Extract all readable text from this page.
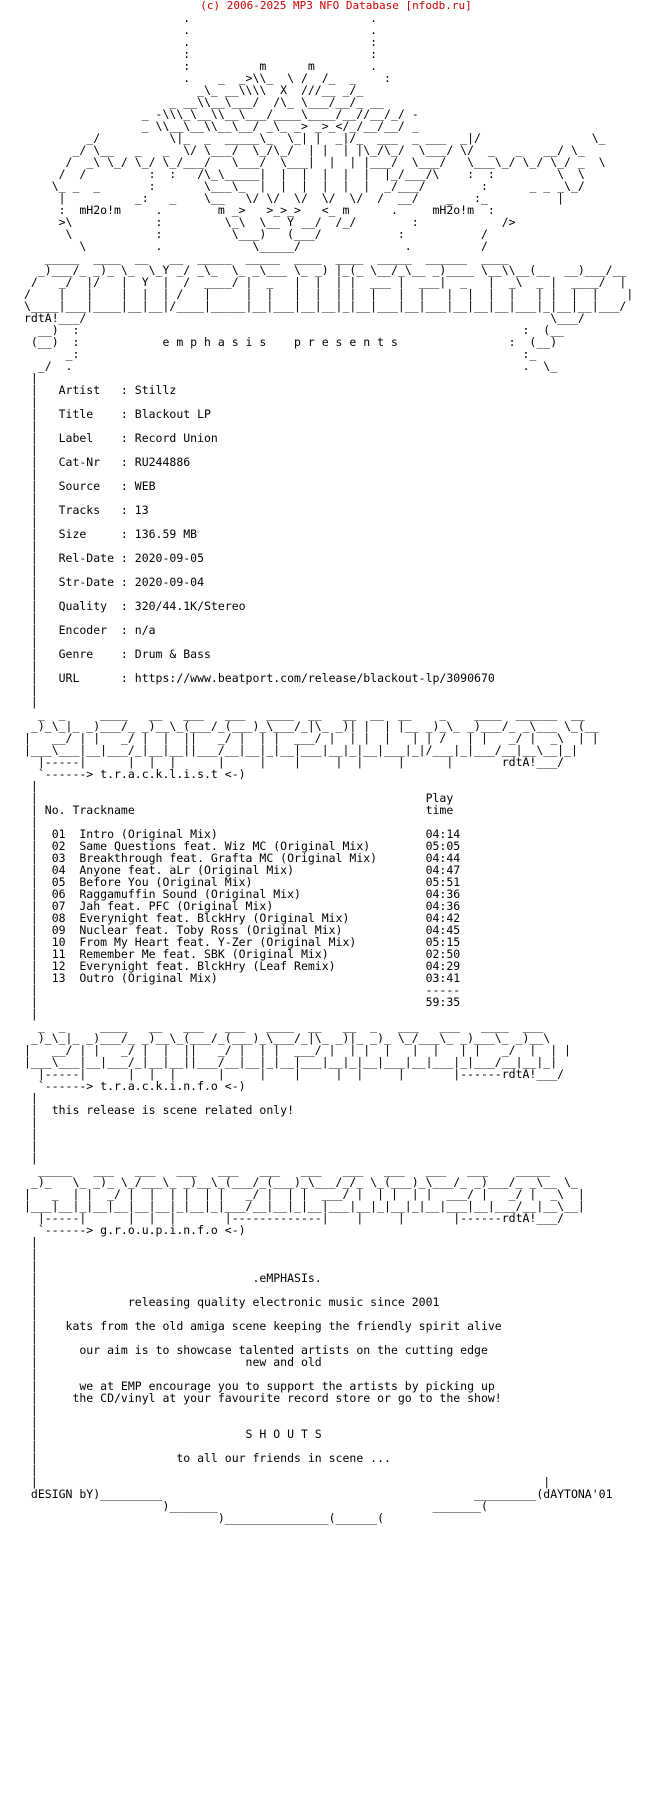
(c) 2006-2025 MP3 NFO Database [nfodb.ru]
.                          .
.                          .
.                          :
:                          :
:          m      m        .
.    _  _>\\_  \ /  /_  _    :
_\_ __\\\\  X  ///__ _/_
_ __\\__\___/  /\_ \___/__/_ __
_ -\\\_\__\\__\___/____\____/__//__/_/ -
_ \\__\__\\__\__/ _\_ _> _>_</_/__/__/ _
_/          \|_  _  _____\_  \_| |  _|/_  ___  _ ___  _|/                \_
_/ \__   _   _  \/ \___/  \_/\_/  | |  | |\_/\_/  \___/ \/  _   _   __/ \_
/  _\ \_/ \_/ \_/___/   \___/  \___|  |  | |___/  \___/   \___\_/ \_/ \_/ _  \
/  /         :  :   /\_\_____|  |  |  |  |  |  |_/___/\    :  :         \  \
\_ _  _       :       \___\_  |  |  |  |  |  |  _/___/        :      _ _ _\_/
|          _:   _    \__   \/ \/  \/  \/  \/  /  __/    _   :_          |
:  mH2o!m     .        m _>   >_>_>   <_ m      .     mH2o!m  :
>\            :         \_\  \__ Y __/  /_/        :            />
\            :          \___)   (___/           :           /
\          .             \_____/               .          /
_____  ____  __   __  _____  _____  ____  ____  _____  ______  ____
_)___/_ _)_ \_  \_Y _/ _\_  \_ _\___ \_ _) |_(_ \__/_\__ _)____ \__\\__(__  __)___/__
/   _/  |/   |  Y  |  /  ____/ |  _   |  |  | |  ___ |  ___|  _   |  _\  _ |  ____/  |
/    |   |    |  |  | /   |     |  |   |  |  | |  |   |  |   |  |  |  |   | |  |  |    |
\____|___|____|__|__|/____|_____|__|___|__|__|_|__|___|__|___|__|__|__|___|_|__|__|___/
rdtA!___/                                                                   \___/
__)  :                                                                :  (__
(__)  :            e m p h a s i s    p r e s e n t s                :  (__)
_:                                                                :_
_/  .                                                                 .  \_
|
|   Artist   : Stillz
|
|   Title    : Blackout LP
|
|   Label    : Record Union
|
|   Cat-Nr   : RU244886
|
|   Source   : WEB
|
|   Tracks   : 13
|
|   Size     : 136.59 MB
|
|   Rel-Date : 2020-09-05
|
|   Str-Date : 2020-09-04
|
|   Quality  : 320/44.1K/Stereo
|
|   Encoder  : n/a
|
|   Genre    : Drum & Bass
|
|   URL      : https://www.beatport.com/release/blackout-lp/3090670
|
|
_  _     ____   __   ___   ___   ____  __   __  __  __    _    ____  ______  __
_)_\_|_ _)___/_ _)__\_(___/_(___)_\___/_|\_ _)| |  | |__ _)_\_ _)___/_ _\___ \_(__
|   __/ | |   _/ |  |  ||   _/ |  | |  ___/ |  | |  |   | | /   | |   _/ |  _\  | |
|___\___|__|___/_|__|__||___/__|__|_|__|___|__|_|__|___|_|/___|_|___/__|__\__|_|
|-----|      |  |  |      |     |    |     |  |     |      |       rdtA!___/
`------> t.r.a.c.k.l.i.s.t <-)
|
|                                                        Play
| No. Trackname                                          time
|
|  01  Intro (Original Mix)                              04:14
|  02  Same Questions feat. Wiz MC (Original Mix)        05:05
|  03  Breakthrough feat. Grafta MC (Original Mix)       04:44
|  04  Anyone feat. aLr (Original Mix)                   04:47
|  05  Before You (Original Mix)                         05:51
|  06  Raggamuffin Sound (Original Mix)                  04:36
|  07  Jah feat. PFC (Original Mix)                      04:36
|  08  Everynight feat. BlckHry (Original Mix)           04:42
|  09  Nuclear feat. Toby Ross (Original Mix)            04:45
|  10  From My Heart feat. Y-Zer (Original Mix)          05:15
|  11  Remember Me feat. SBK (Original Mix)              02:50
|  12  Everynight feat. BlckHry (Leaf Remix)             04:29
|  13  Outro (Original Mix)                              03:41
|                                                        -----
|                                                        59:35
|
_  _     ____   __   ___   ___   ____  __   __  _   ___   ___   ____  ___
_)_\_|_ _)___/_ _)__\_(___/_(___)_\___/_|\_ _)|_ _)_ \_/___\_ _)___\_ _)__\
|   __/ | |   _/ |  |  ||   _/ |  | |  ___/ |  | |  |   |  |   | |   _/  |  | |
|___\___|__|___/_|__|__||___/__|__|_|__|___|__|_|__|___|__|___|_|___/__|__|_|
|-----|      |  |  |      |     |    |     |  |     |       |------rdtA!___/
`------> t.r.a.c.k.i.n.f.o <-)
|
|  this release is scene related only!
|
|
|
|
_____   ___   ___   ___   ___   ___   ___   ___   ___   ___   ___    _____
_)_   \_ _)_ \_/___\_ _)__\_(___/_(___)_\___/_/_ \_(___)_\___/_ _)___/_ _\__ \_
|   _  | |  _/ |  |  | |  | |   _/ |  | |  ___/ |  | |  | |  ___/ |   _/ |  _\  |
|___|__|_|__|__|__|__|_|__|_|___/__|__|_|__|___|__|_|__|_|__|___|__|___/__|__\__|
|-----|      |  |  |       |-------------|    |     |       |------rdtA!___/
`------> g.r.o.u.p.i.n.f.o <-)
|
|
|
|                               .eMPHASIs.
|
|             releasing quality electronic music since 2001
|
|    kats from the old amiga scene keeping the friendly spirit alive
|
|      our aim is to showcase talented artists on the cutting edge
|                              new and old
|
|      we at EMP encourage you to support the artists by picking up
|     the CD/vinyl at your favourite record store or go to the show!
|
|
|                              S H O U T S
|
|                    to all our friends in scene ...
|
|                                                                         |
dESIGN bY)_________                                             _________(dAYTONA'01
)_______                               _______(
)_______________(______(
